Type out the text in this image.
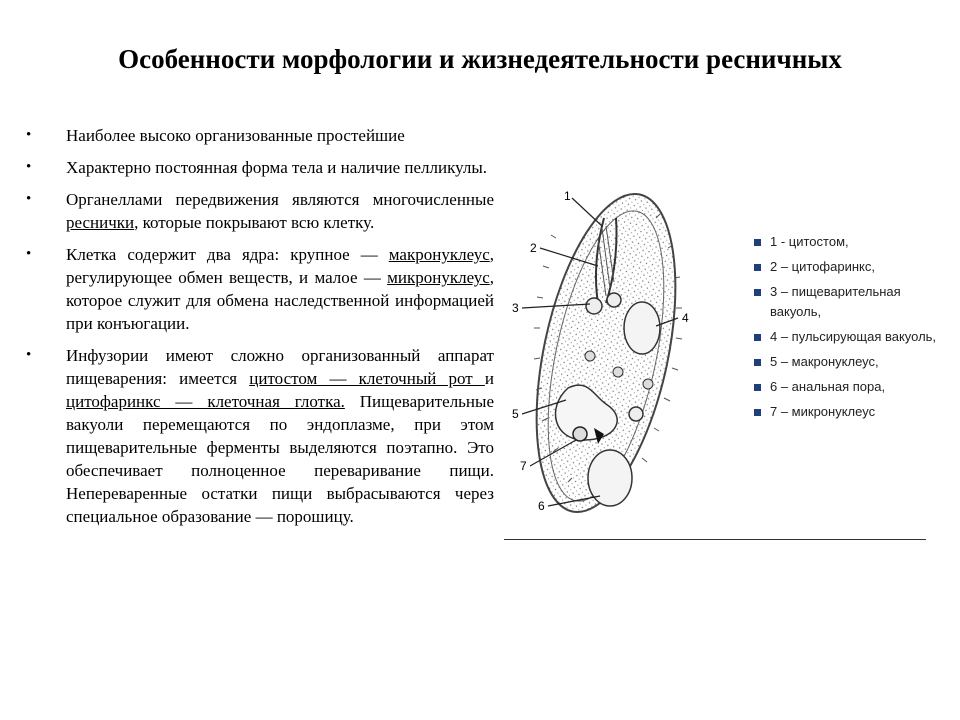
Особенности морфологии и жизнедеятельности ресничных
• Наиболее высоко организованные простейшие
• Характерно постоянная форма тела и наличие пелликулы.
• Органеллами передвижения являются многочисленные реснички, которые покрывают всю клетку.
• Клетка содержит два ядра: крупное — макронуклеус, регулирующее обмен веществ, и малое — микронуклеус, которое служит для обмена наследственной информацией при конъюгации.
• Инфузории имеют сложно организованный аппарат пищеварения: имеется цитостом — клеточный рот и цитофаринкс — клеточная глотка. Пищеварительные вакуоли перемещаются по эндоплазме, при этом пищеварительные ферменты выделяются поэтапно. Это обеспечивает полноценное переваривание пищи. Непереваренные остатки пищи выбрасываются через специальное образование — порошицу.
1
2
3
4
5
6
7
1 - цитостом,
2 – цитофаринкс,
3 – пищеварительная вакуоль,
4 – пульсирующая вакуоль,
5 – макронуклеус,
6 – анальная пора,
7 – микронуклеус
